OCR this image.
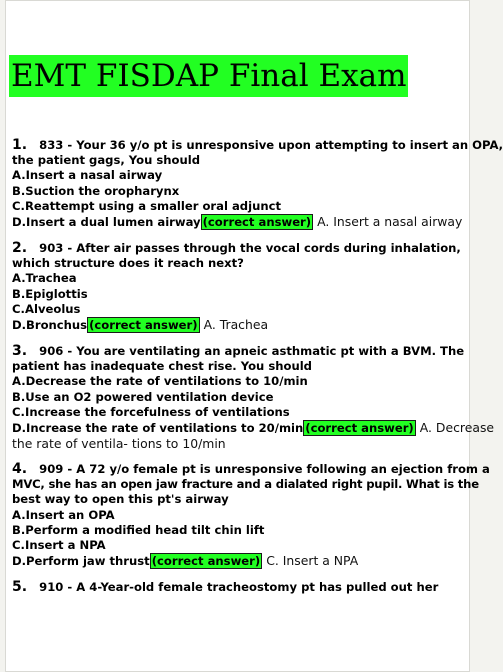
EMT FISDAP Final Exam
1. 833 - Your 36 y/o pt is unresponsive upon attempting to insert an OPA,
the patient gags, You should
A.Insert a nasal airway
B.Suction the oropharynx
C.Reattempt using a smaller oral adjunct
D.Insert a dual lumen airway (correct answer) A. Insert a nasal airway
2. 903 - After air passes through the vocal cords during inhalation,
which structure does it reach next?
A.Trachea
B.Epiglottis
C.Alveolus
D.Bronchus (correct answer) A. Trachea
3. 906 - You are ventilating an apneic asthmatic pt with a BVM. The
patient has inadequate chest rise. You should
A.Decrease the rate of ventilations to 10/min
B.Use an O2 powered ventilation device
C.Increase the forcefulness of ventilations
D.Increase the rate of ventilations to 20/min (correct answer) A. Decrease
the rate of ventila- tions to 10/min
4. 909 - A 72 y/o female pt is unresponsive following an ejection from a
MVC, she has an open jaw fracture and a dialated right pupil. What is the
best way to open this pt's airway
A.Insert an OPA
B.Perform a modified head tilt chin lift
C.Insert a NPA
D.Perform jaw thrust (correct answer) C. Insert a NPA
5. 910 - A 4-Year-old female tracheostomy pt has pulled out her
